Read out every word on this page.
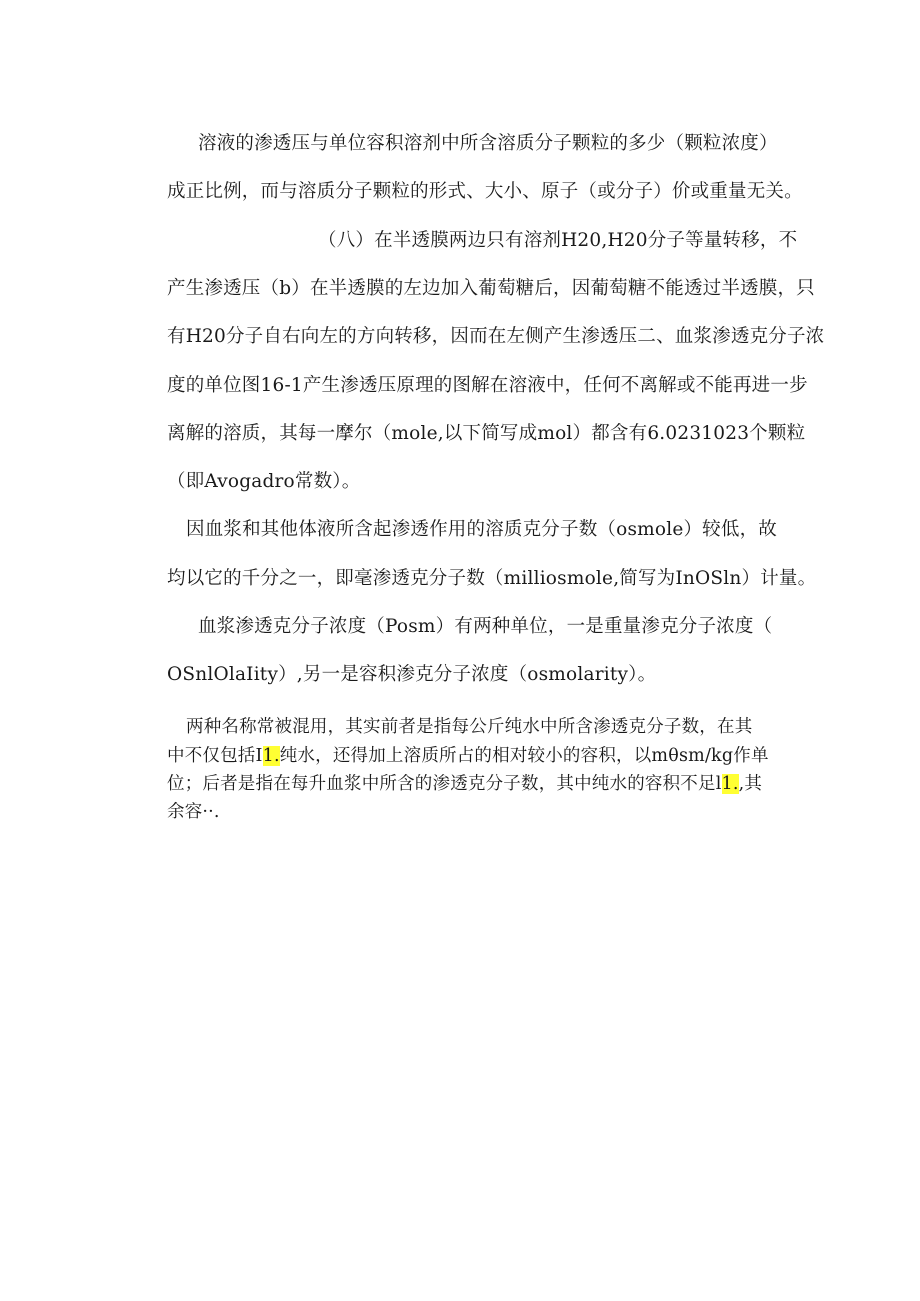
溶液的渗透压与单位容积溶剂中所含溶质分子颗粒的多少（颗粒浓度）
成正比例，而与溶质分子颗粒的形式、大小、原子（或分子）价或重量无关。
（八）在半透膜两边只有溶剂H20,H20分子等量转移，不
产生渗透压（b）在半透膜的左边加入葡萄糖后，因葡萄糖不能透过半透膜，只
有H20分子自右向左的方向转移，因而在左侧产生渗透压二、血浆渗透克分子浓
度的单位图16-1产生渗透压原理的图解在溶液中，任何不离解或不能再进一步
离解的溶质，其每一摩尔（mole,以下简写成mol）都含有6.0231023个颗粒
（即Avogadro常数）。
因血浆和其他体液所含起渗透作用的溶质克分子数（osmole）较低，故
均以它的千分之一，即毫渗透克分子数（milliosmole,简写为InOSln）计量。
血浆渗透克分子浓度（Posm）有两种单位，一是重量渗克分子浓度（
OSnlOlaIity）,另一是容积渗克分子浓度（osmolarity）。
两种名称常被混用，其实前者是指每公斤纯水中所含渗透克分子数，在其
中不仅包括I1.纯水，还得加上溶质所占的相对较小的容积，以mθsm/kg作单
位；后者是指在每升血浆中所含的渗透克分子数，其中纯水的容积不足l1.,其
余容··.
